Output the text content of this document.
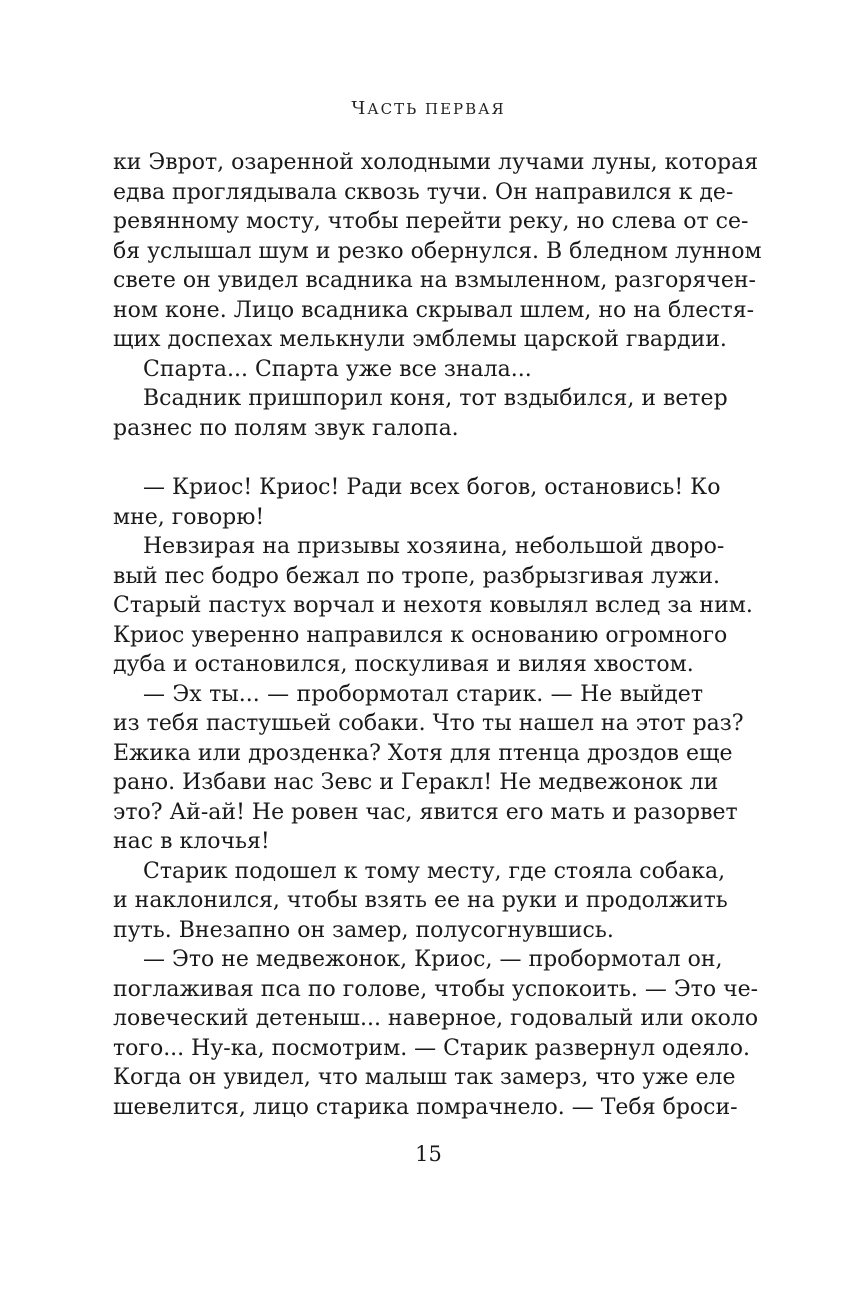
ЧАСТЬ ПЕРВАЯ
ки Эврот, озаренной холодными лучами луны, которая
едва проглядывала сквозь тучи. Он направился к де-
ревянному мосту, чтобы перейти реку, но слева от се-
бя услышал шум и резко обернулся. В бледном лунном
свете он увидел всадника на взмыленном, разгорячен-
ном коне. Лицо всадника скрывал шлем, но на блестя-
щих доспехах мелькнули эмблемы царской гвардии.
Спарта... Спарта уже все знала...
Всадник пришпорил коня, тот вздыбился, и ветер
разнес по полям звук галопа.
— Криос! Криос! Ради всех богов, остановись! Ко
мне, говорю!
Невзирая на призывы хозяина, небольшой дворо-
вый пес бодро бежал по тропе, разбрызгивая лужи.
Старый пастух ворчал и нехотя ковылял вслед за ним.
Криос уверенно направился к основанию огромного
дуба и остановился, поскуливая и виляя хвостом.
— Эх ты... — пробормотал старик. — Не выйдет
из тебя пастушьей собаки. Что ты нашел на этот раз?
Ежика или дрозденка? Хотя для птенца дроздов еще
рано. Избави нас Зевс и Геракл! Не медвежонок ли
это? Ай-ай! Не ровен час, явится его мать и разорвет
нас в клочья!
Старик подошел к тому месту, где стояла собака,
и наклонился, чтобы взять ее на руки и продолжить
путь. Внезапно он замер, полусогнувшись.
— Это не медвежонок, Криос, — пробормотал он,
поглаживая пса по голове, чтобы успокоить. — Это че-
ловеческий детеныш... наверное, годовалый или около
того... Ну-ка, посмотрим. — Старик развернул одеяло.
Когда он увидел, что малыш так замерз, что уже еле
шевелится, лицо старика помрачнело. — Тебя броси-
15
